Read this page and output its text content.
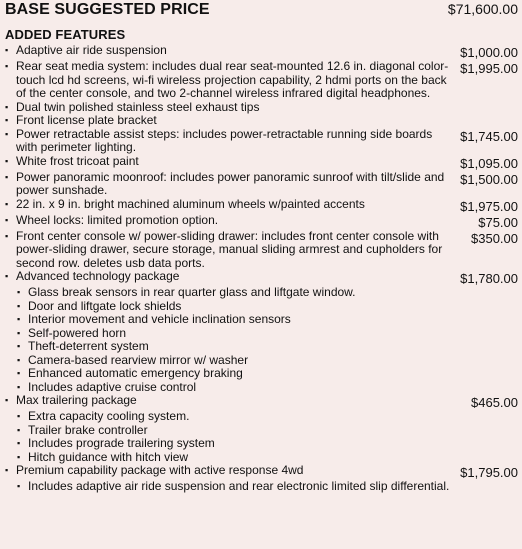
BASE SUGGESTED PRICE	$71,600.00
ADDED FEATURES
▪ Adaptive air ride suspension	$1,000.00
▪ Rear seat media system: includes dual rear seat-mounted 12.6 in. diagonal color-touch lcd hd screens, wi-fi wireless projection capability, 2 hdmi ports on the back of the center console, and two 2-channel wireless infrared digital headphones.
$1,995.00
▪ Dual twin polished stainless steel exhaust tips
▪ Front license plate bracket
▪ Power retractable assist steps: includes power-retractable running side boards with perimeter lighting.
$1,745.00
▪ White frost tricoat paint	$1,095.00
▪ Power panoramic moonroof: includes power panoramic sunroof with tilt/slide and power sunshade.
$1,500.00
▪ 22 in. x 9 in. bright machined aluminum wheels w/painted accents	$1,975.00
▪ Wheel locks: limited promotion option.	$75.00
▪ Front center console w/ power-sliding drawer: includes front center console with power-sliding drawer, secure storage, manual sliding armrest and cupholders for second row. deletes usb data ports.
$350.00
▪ Advanced technology package	$1,780.00
▪ Glass break sensors in rear quarter glass and liftgate window.
▪ Door and liftgate lock shields
▪ Interior movement and vehicle inclination sensors
▪ Self-powered horn
▪ Theft-deterrent system
▪ Camera-based rearview mirror w/ washer
▪ Enhanced automatic emergency braking
▪ Includes adaptive cruise control
▪ Max trailering package	$465.00
▪ Extra capacity cooling system.
▪ Trailer brake controller
▪ Includes prograde trailering system
▪ Hitch guidance with hitch view
▪ Premium capability package with active response 4wd	$1,795.00
▪ Includes adaptive air ride suspension and rear electronic limited slip differential.
